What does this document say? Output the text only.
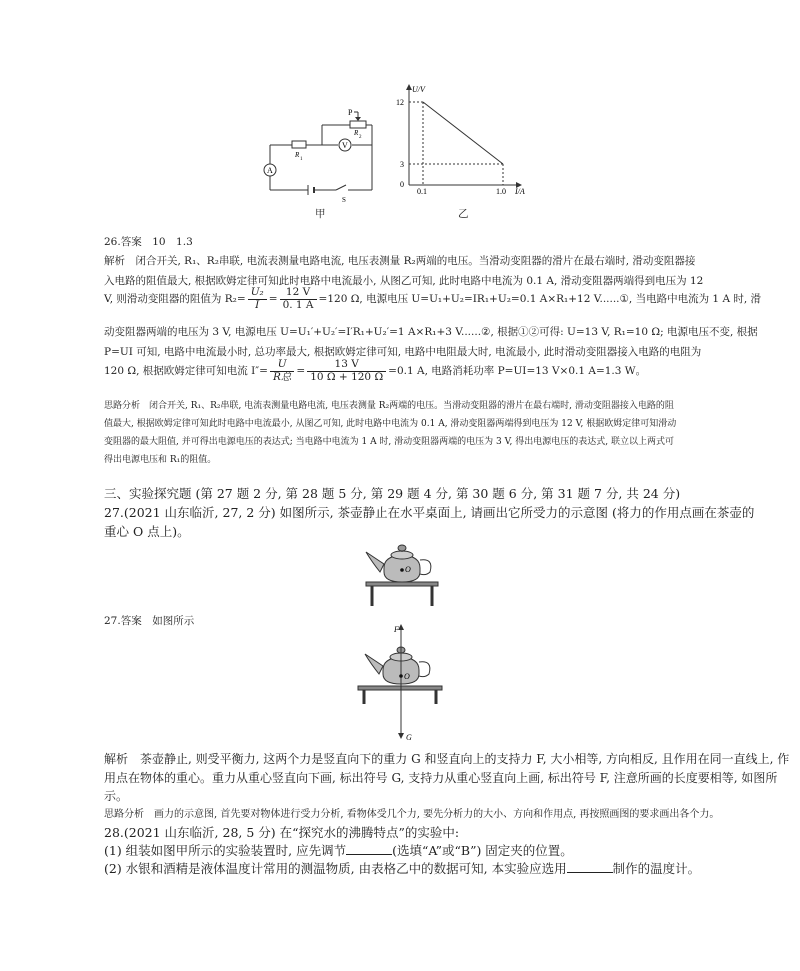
V
A
P
R
2
R
1
S
甲
U/V
I/A
12
3
0
0.1	1.0
乙
26.答案　10　1.3
解析　闭合开关, R₁、R₂串联, 电流表测量电路电流, 电压表测量 R₂两端的电压。当滑动变阻器的滑片在最右端时, 滑动变阻器接
入电路的阻值最大, 根据欧姆定律可知此时电路中电流最小, 从图乙可知, 此时电路中电流为 0.1 A, 滑动变阻器两端得到电压为 12
V, 则滑动变阻器的阻值为 $R_2= \frac{\text{U₂}}{I} = \frac{12 V}{0. 1 A} =120$ Ω, 电源电压 U=U₁+U₂=IR₁+U₂=0.1 A×R₁+12 V......①, 当电路中电流为 1 A 时, 滑
动变阻器两端的电压为 3 V, 电源电压 U=U₁′+U₂′=I′R₁+U₂′=1 A×R₁+3 V......②, 根据①②可得: U=13 V, R₁=10 Ω; 电源电压不变, 根据
P=UI 可知, 电路中电流最小时, 总功率最大, 根据欧姆定律可知, 电路中电阻最大时, 电流最小, 此时滑动变阻器接入电路的电阻为
120 Ω, 根据欧姆定律可知电流 $I''= \frac{U}{\text{R总}} = \frac{13 V}{10 \Omega + 120 \Omega} =0.1$ A, 电路消耗功率 P=UI=13 V×0.1 A=1.3 W。
思路分析　闭合开关, R₁、R₂串联, 电流表测量电路电流, 电压表测量 R₂两端的电压。当滑动变阻器的滑片在最右端时, 滑动变阻器接入电路的阻
值最大, 根据欧姆定律可知此时电路中电流最小, 从图乙可知, 此时电路中电流为 0.1 A, 滑动变阻器两端得到电压为 12 V, 根据欧姆定律可知滑动
变阻器的最大阻值, 并可得出电源电压的表达式; 当电路中电流为 1 A 时, 滑动变阻器两端的电压为 3 V, 得出电源电压的表达式, 联立以上两式可
得出电源电压和 R₁的阻值。
三、实验探究题 (第 27 题 2 分, 第 28 题 5 分, 第 29 题 4 分, 第 30 题 6 分, 第 31 题 7 分, 共 24 分)
27.(2021 山东临沂, 27, 2 分) 如图所示, 茶壶静止在水平桌面上, 请画出它所受力的示意图 (将力的作用点画在茶壶的
重心 O 点上)。
O
27.答案　如图所示
O
F
G
解析　茶壶静止, 则受平衡力, 这两个力是竖直向下的重力 G 和竖直向上的支持力 F, 大小相等, 方向相反, 且作用在同一直线上, 作
用点在物体的重心。重力从重心竖直向下画, 标出符号 G, 支持力从重心竖直向上画, 标出符号 F, 注意所画的长度要相等, 如图所
示。
思路分析　画力的示意图, 首先要对物体进行受力分析, 看物体受几个力, 要先分析力的大小、方向和作用点, 再按照画图的要求画出各个力。
28.(2021 山东临沂, 28, 5 分) 在“探究水的沸腾特点”的实验中:
(1) 组装如图甲所示的实验装置时, 应先调节	(选填“A”或“B”) 固定夹的位置。
(2) 水银和酒精是液体温度计常用的测温物质, 由表格乙中的数据可知, 本实验应选用	制作的温度计。
